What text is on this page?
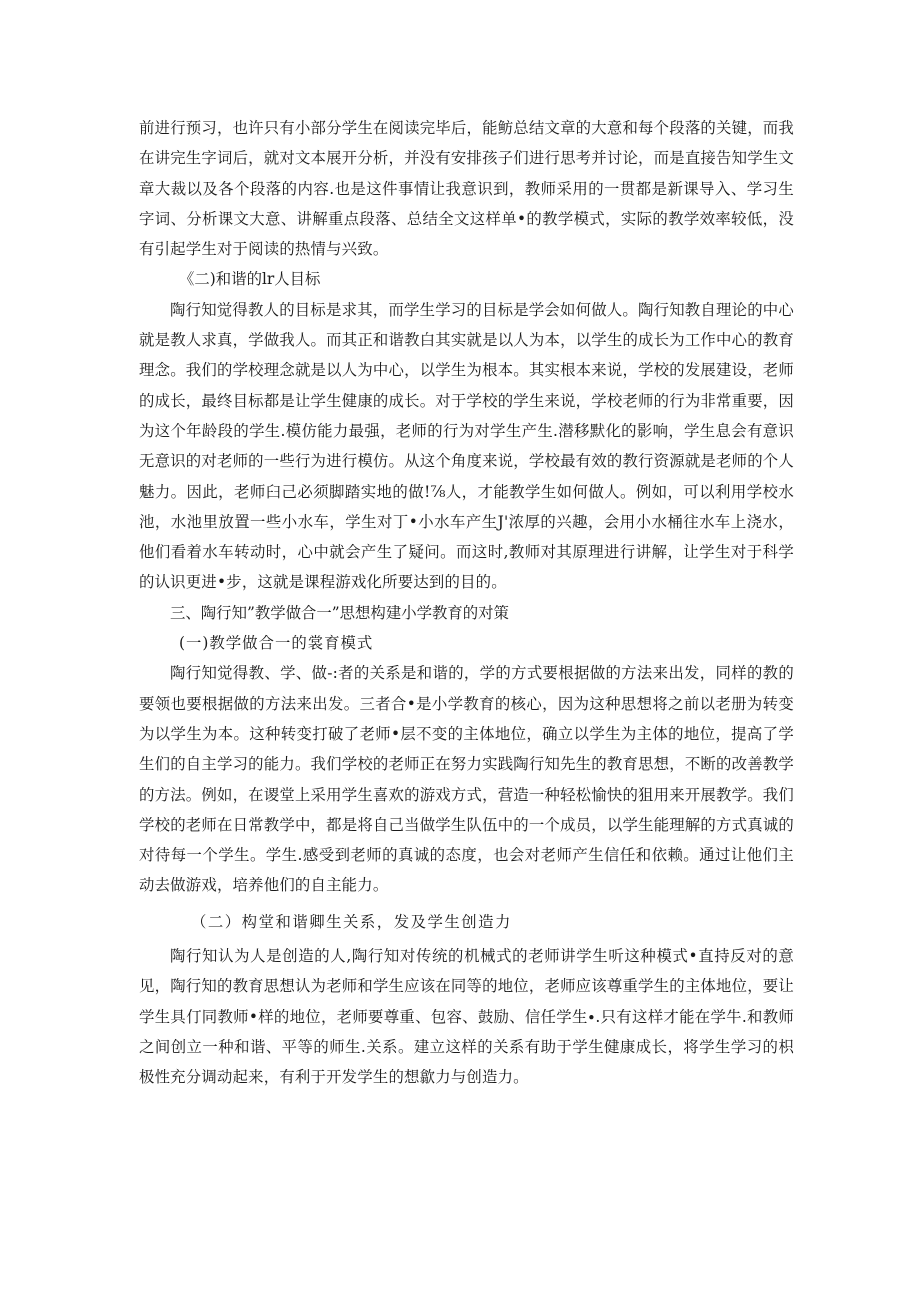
前进行预习，也许只有小部分学生在阅读完毕后，能鲂总结文章的大意和每个段落的关键，而我在讲完生字词后，就对文本展开分析，并没有安排孩子们进行思考并讨论，而是直接告知学生文章大裁以及各个段落的内容.也是这件事情让我意识到，教师采用的一贯都是新课导入、学习生字词、分析课文大意、讲解重点段落、总结全文这样单•的教学模式，实际的教学效率较低，没有引起学生对于阅读的热情与兴致。

《二)和谐的lr人目标

陶行知觉得教人的目标是求其，而学生学习的目标是学会如何做人。陶行知教自理论的中心就是教人求真，学做我人。而其正和谐教白其实就是以人为本，以学生的成长为工作中心的教育理念。我们的学校理念就是以人为中心，以学生为根本。其实根本来说，学校的发展建设，老师的成长，最终目标都是让学生健康的成长。对于学校的学生来说，学校老师的行为非常重要，因为这个年龄段的学生.模仿能力最强，老师的行为对学生产生.潜移默化的影响，学生息会有意识无意识的对老师的一些行为进行模仿。从这个角度来说，学校最有效的教行资源就是老师的个人魅力。因此，老师臼己必须脚踏实地的做!⅞人，才能教学生如何做人。例如，可以利用学校水池，水池里放置一些小水车，学生对丁•小水车产生J'浓厚的兴趣，会用小水桶往水车上浇水，他们看着水车转动时，心中就会产生了疑问。而这时,教师对其原理进行讲解，让学生对于科学的认识更进•步，这就是课程游戏化所要达到的目的。

三、陶行知”教学做合一”思想构建小学教育的对策

(一)教学做合一的裳育模式

陶行知觉得教、学、做-:者的关系是和谐的，学的方式要根据做的方法来出发，同样的教的要领也要根据做的方法来出发。三者合•是小学教育的核心，因为这种思想将之前以老册为转变为以学生为本。这种转变打破了老师•层不变的主体地位，确立以学生为主体的地位，提高了学生们的自主学习的能力。我们学校的老师正在努力实践陶行知先生的教育思想，不断的改善教学的方法。例如，在谡堂上采用学生喜欢的游戏方式，营造一种轻松愉快的狙用来开展教学。我们学校的老师在日常教学中，都是将自己当做学生队伍中的一个成员，以学生能理解的方式真诚的对待每一个学生。学生.感受到老师的真诚的态度，也会对老师产生信任和依赖。通过让他们主动去做游戏，培养他们的自主能力。

（二）构堂和谐卿生关系，发及学生创造力

陶行知认为人是创造的人,陶行知对传统的机械式的老师讲学生听这种模式•直持反对的意见，陶行知的教育思想认为老师和学生应该在同等的地位，老师应该尊重学生的主体地位，要让学生具仃同教师•样的地位，老师要尊重、包容、鼓励、信任学生∙.只有这样才能在学牛.和教师之间创立一种和谐、平等的师生.关系。建立这样的关系有助于学生健康成长，将学生学习的枳极性充分调动起来，有利于开发学生的想歙力与创造力。
